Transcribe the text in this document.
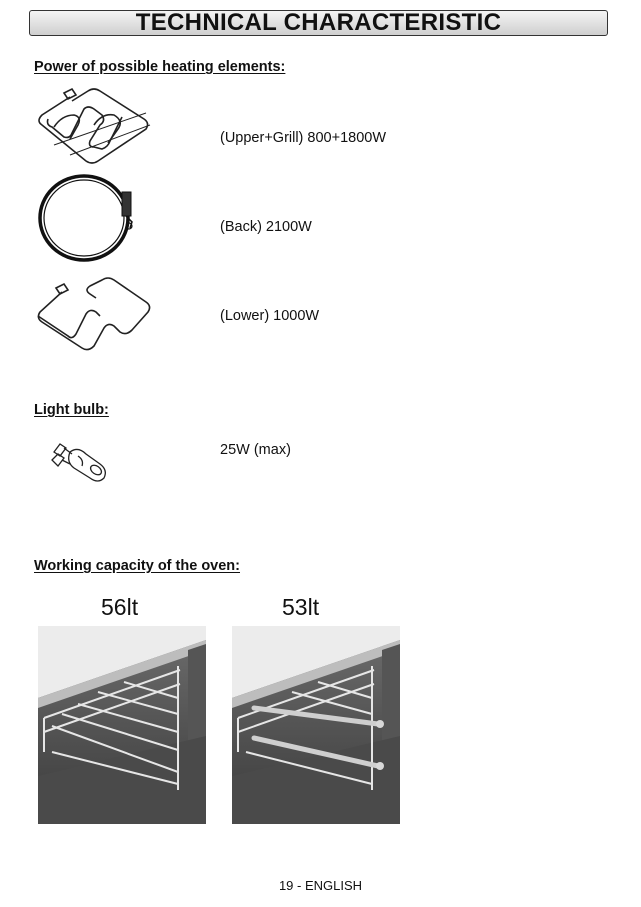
TECHNICAL CHARACTERISTIC
Power of possible heating elements:
(Upper+Grill) 800+1800W
(Back) 2100W
(Lower) 1000W
Light bulb:
25W (max)
Working capacity of the oven:
56lt	53lt
19 - ENGLISH
